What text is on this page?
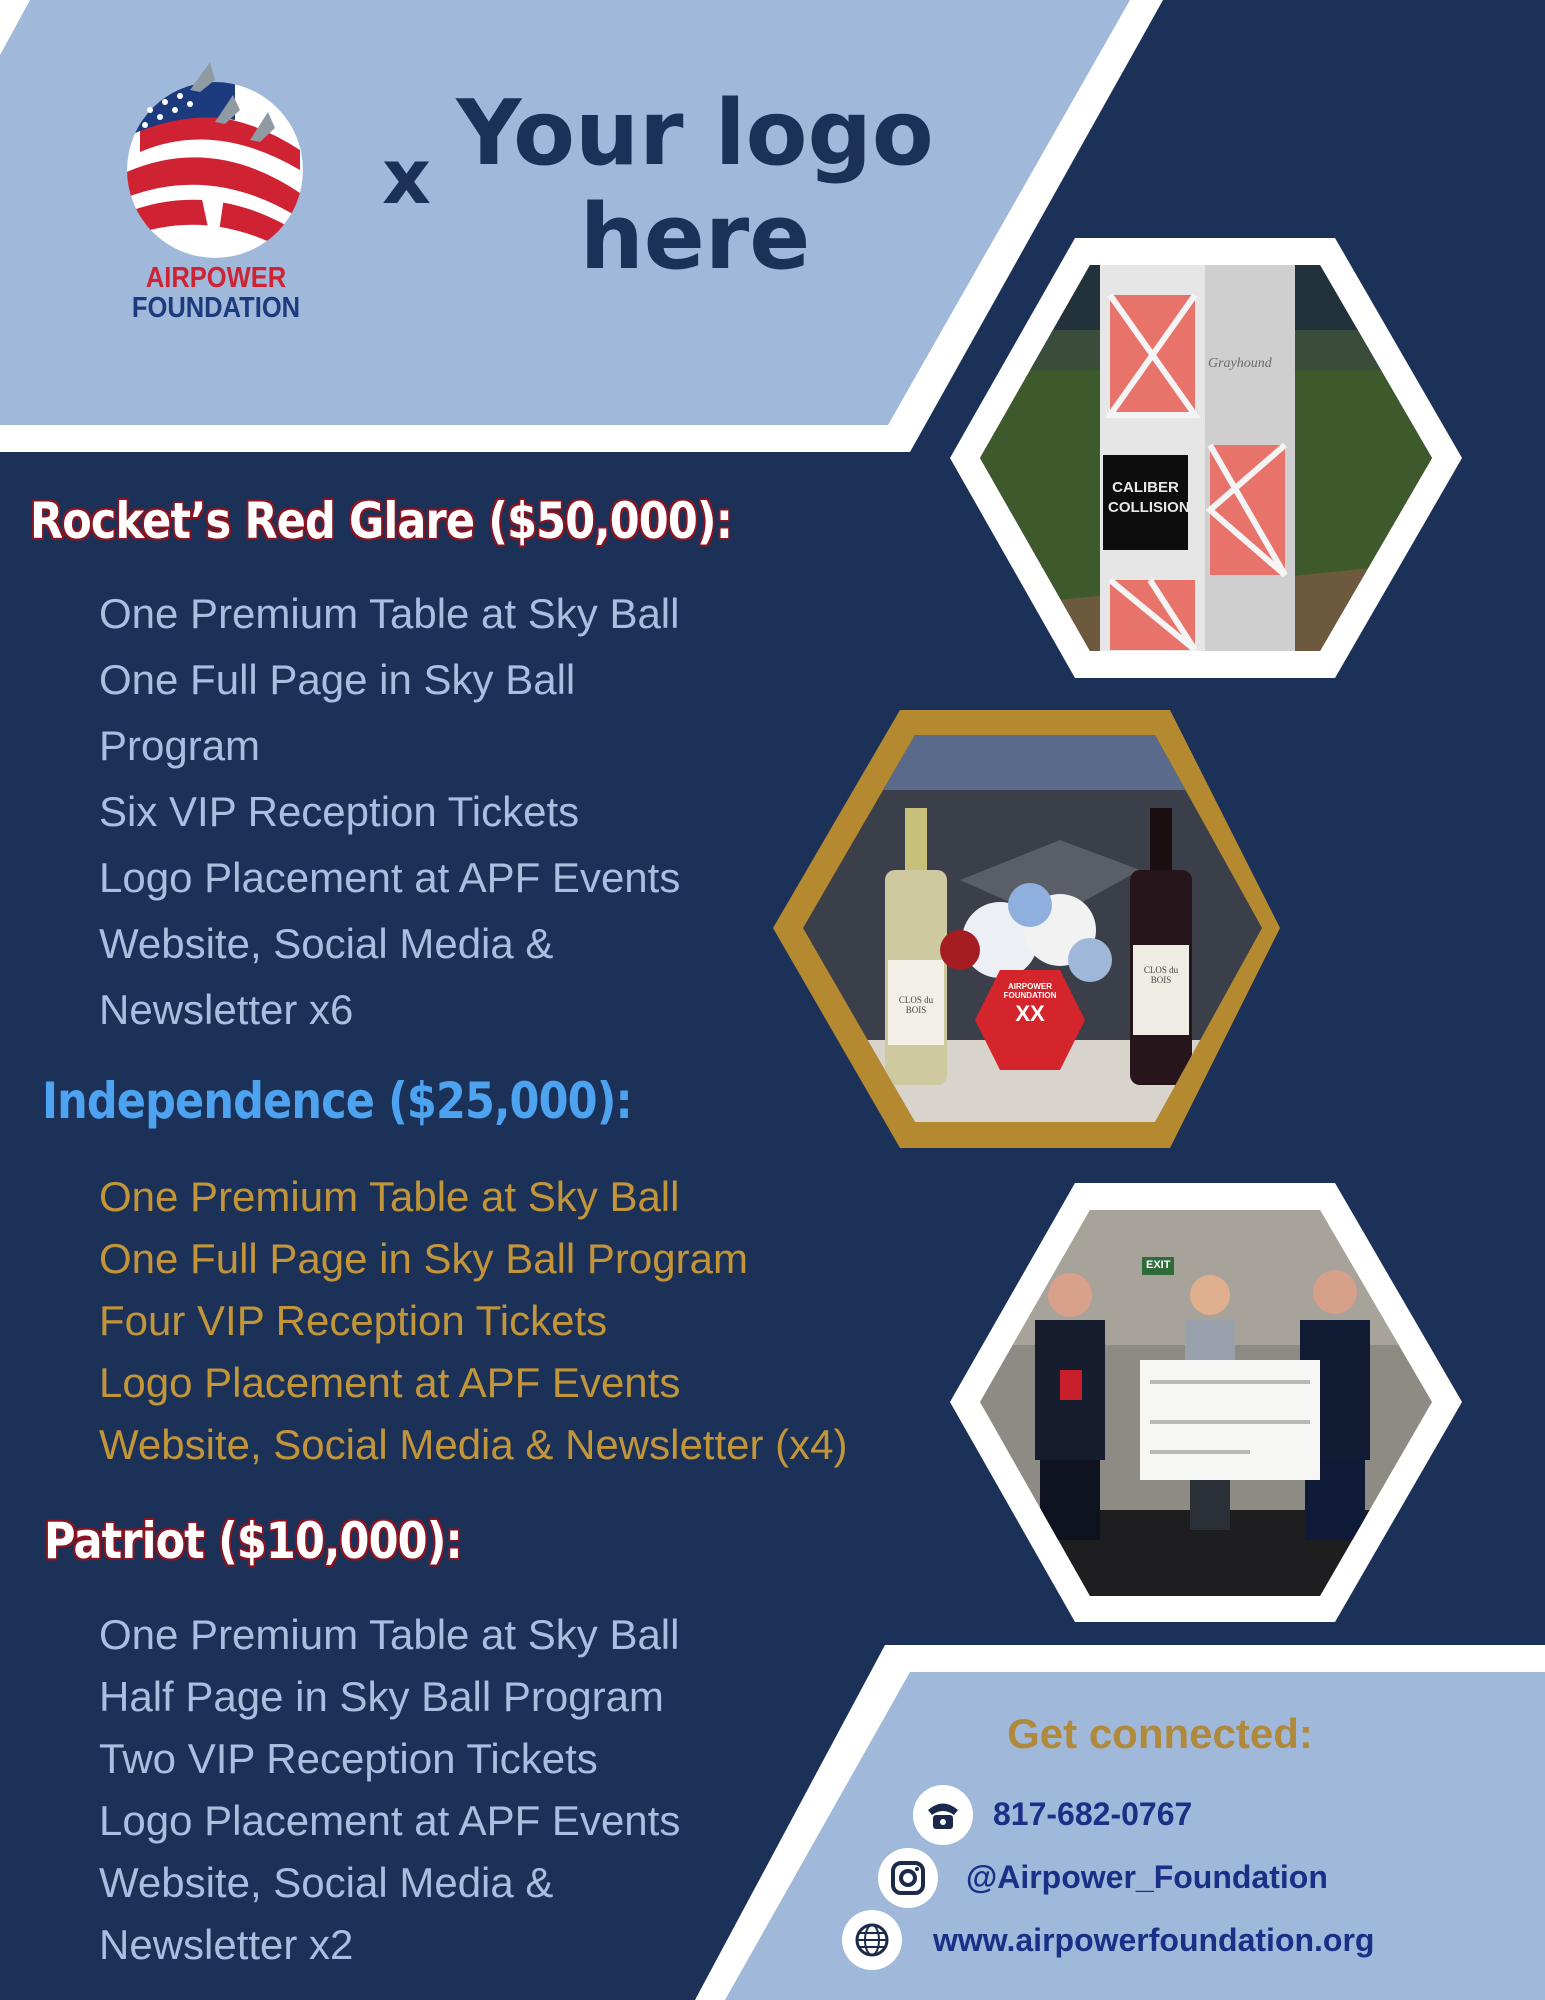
CALIBER
COLLISION
Grayhound
CLOS du BOIS
CLOS du BOIS
AIRPOWER
FOUNDATION
XX
EXIT
AIRPOWER
FOUNDATION
x Your logo
here
Rocket’s Red Glare ($50,000):
One Premium Table at Sky Ball
One Full Page in Sky Ball
Program
Six VIP Reception Tickets
Logo Placement at APF Events
Website, Social Media &
Newsletter x6
Independence ($25,000):
One Premium Table at Sky Ball
One Full Page in Sky Ball Program
Four VIP Reception Tickets
Logo Placement at APF Events
Website, Social Media & Newsletter (x4)
Patriot ($10,000):
One Premium Table at Sky Ball
Half Page in Sky Ball Program
Two VIP Reception Tickets
Logo Placement at APF Events
Website, Social Media &
Newsletter x2
Get connected:
817-682-0767
@Airpower_Foundation
www.airpowerfoundation.org
